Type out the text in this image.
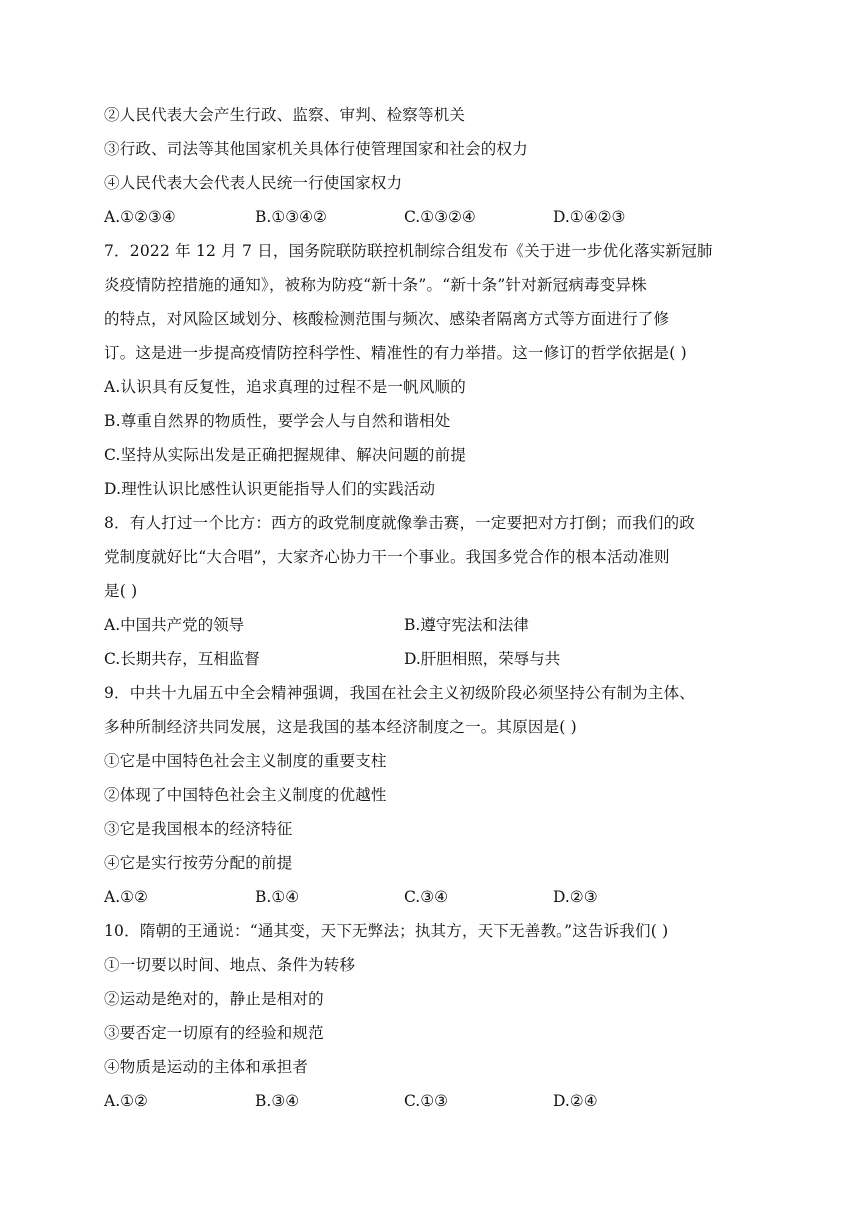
②人民代表大会产生行政、监察、审判、检察等机关
③行政、司法等其他国家机关具体行使管理国家和社会的权力
④人民代表大会代表人民统一行使国家权力
A.①②③④	B.①③④②	C.①③②④	D.①④②③
7．2022 年 12 月 7 日，国务院联防联控机制综合组发布《关于进一步优化落实新冠肺
炎疫情防控措施的通知》，被称为防疫“新十条”。“新十条”针对新冠病毒变异株
的特点，对风险区域划分、核酸检测范围与频次、感染者隔离方式等方面进行了修
订。这是进一步提高疫情防控科学性、精准性的有力举措。这一修订的哲学依据是( )
A.认识具有反复性，追求真理的过程不是一帆风顺的
B.尊重自然界的物质性，要学会人与自然和谐相处
C.坚持从实际出发是正确把握规律、解决问题的前提
D.理性认识比感性认识更能指导人们的实践活动
8．有人打过一个比方：西方的政党制度就像拳击赛，一定要把对方打倒；而我们的政
党制度就好比“大合唱”，大家齐心协力干一个事业。我国多党合作的根本活动准则
是( )
A.中国共产党的领导	B.遵守宪法和法律
C.长期共存，互相监督	D.肝胆相照，荣辱与共
9．中共十九届五中全会精神强调，我国在社会主义初级阶段必须坚持公有制为主体、
多种所制经济共同发展，这是我国的基本经济制度之一。其原因是( )
①它是中国特色社会主义制度的重要支柱
②体现了中国特色社会主义制度的优越性
③它是我国根本的经济特征
④它是实行按劳分配的前提
A.①②	B.①④	C.③④	D.②③
10．隋朝的王通说：“通其变，天下无弊法；执其方，天下无善教。”这告诉我们( )
①一切要以时间、地点、条件为转移
②运动是绝对的，静止是相对的
③要否定一切原有的经验和规范
④物质是运动的主体和承担者
A.①②	B.③④	C.①③	D.②④
